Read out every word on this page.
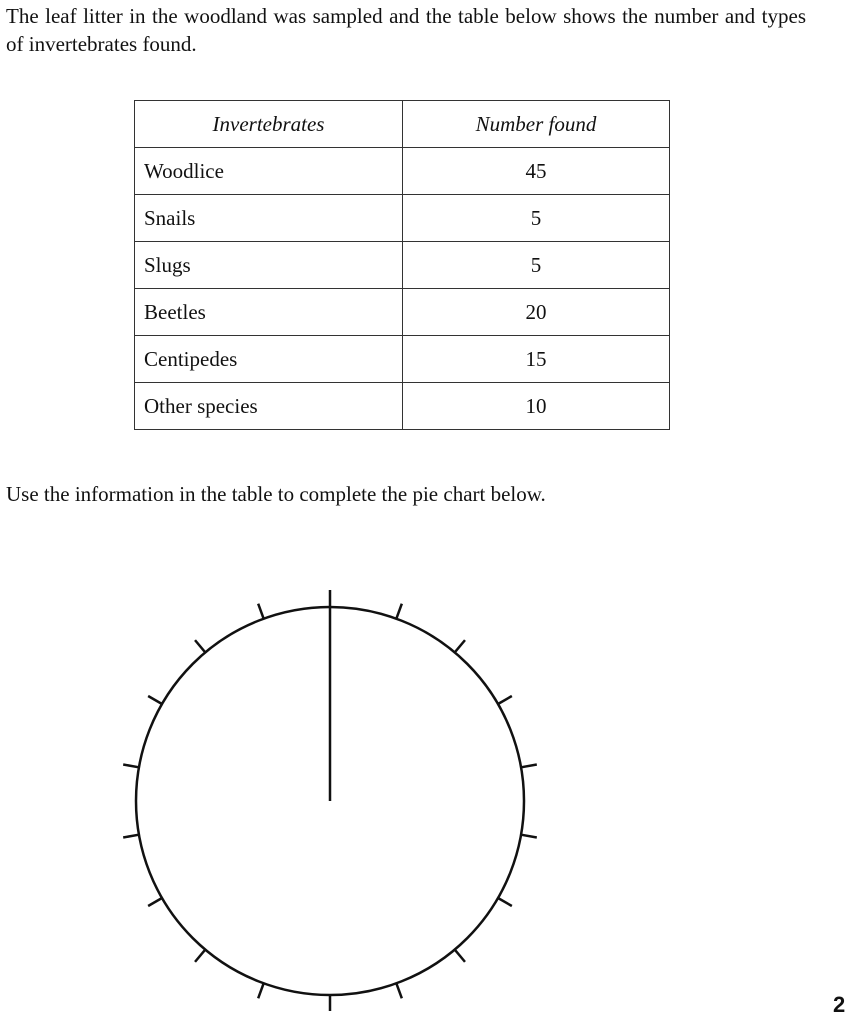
The leaf litter in the woodland was sampled and the table below shows the number and types of invertebrates found.

Invertebrates	Number found
Woodlice	45
Snails	5
Slugs	5
Beetles	20
Centipedes	15
Other species	10

Use the information in the table to complete the pie chart below.

2
